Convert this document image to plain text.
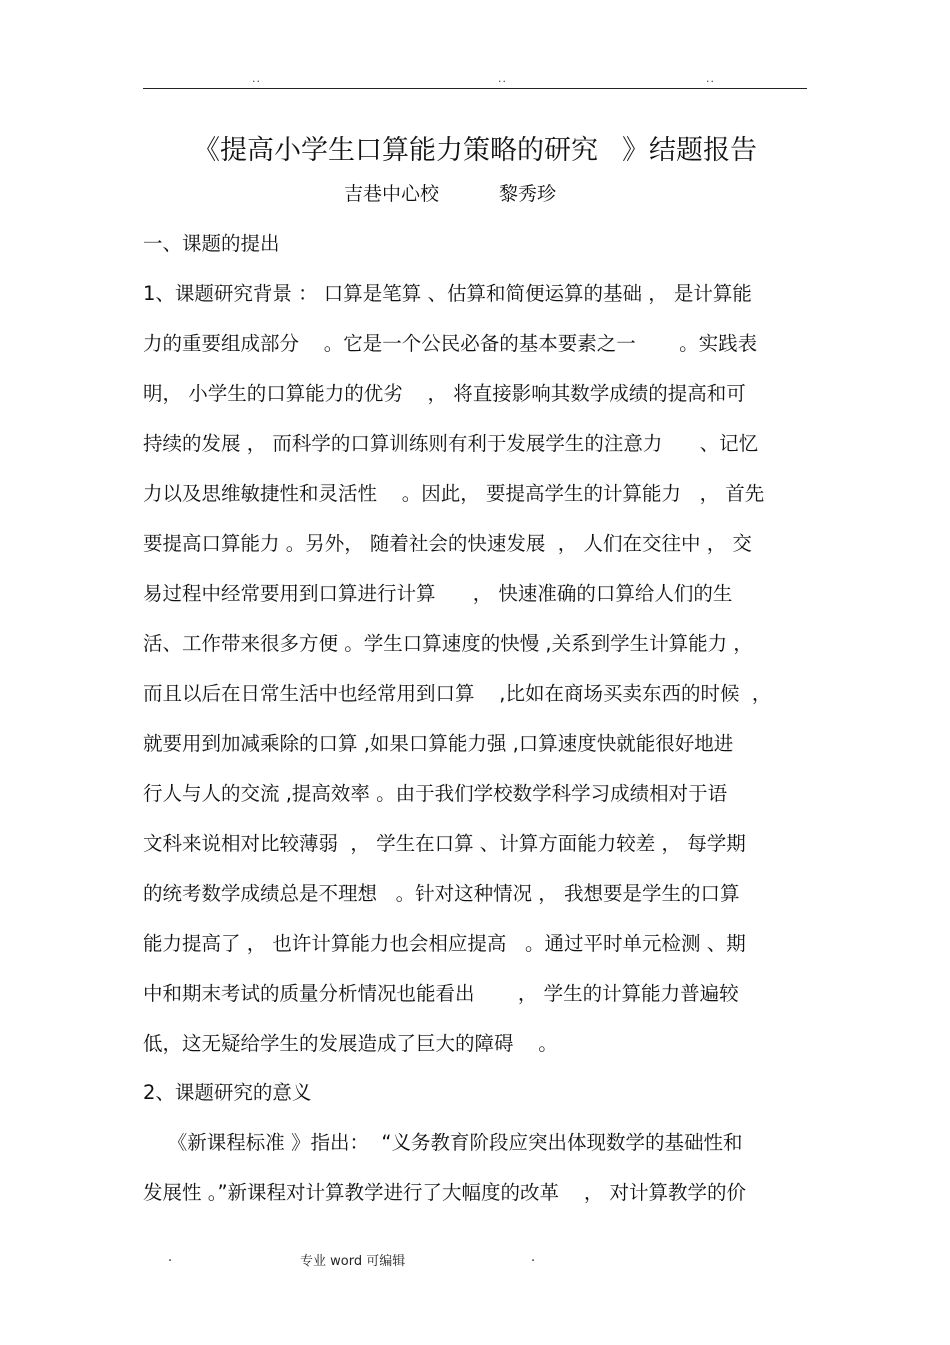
..	..	..
《提高小学生口算能力策略的研究 》结题报告
吉巷中心校	黎秀珍
一、课题的提出
1、课题研究背景 ： 口算是笔算 、估算和简便运算的基础 ， 是计算能
力的重要组成部分    。它是一个公民必备的基本要素之一       。实践表
明， 小学生的口算能力的优劣    ， 将直接影响其数学成绩的提高和可
持续的发展 ， 而科学的口算训练则有利于发展学生的注意力      、记忆
力以及思维敏捷性和灵活性    。因此， 要提高学生的计算能力   ， 首先
要提高口算能力 。另外， 随着社会的快速发展  ， 人们在交往中 ， 交
易过程中经常要用到口算进行计算      ， 快速准确的口算给人们的生
活、工作带来很多方便 。学生口算速度的快慢 ,关系到学生计算能力 ，
而且以后在日常生活中也经常用到口算    ,比如在商场买卖东西的时候  ，
就要用到加减乘除的口算 ,如果口算能力强 ,口算速度快就能很好地进
行人与人的交流 ,提高效率 。由于我们学校数学科学习成绩相对于语
文科来说相对比较薄弱  ， 学生在口算 、计算方面能力较差 ， 每学期
的统考数学成绩总是不理想   。针对这种情况 ， 我想要是学生的口算
能力提高了 ， 也许计算能力也会相应提高   。通过平时单元检测 、期
中和期末考试的质量分析情况也能看出       ， 学生的计算能力普遍较
低，这无疑给学生的发展造成了巨大的障碍    。
2、课题研究的意义
《新课程标准 》指出：  “义务教育阶段应突出体现数学的基础性和
发展性 。”新课程对计算教学进行了大幅度的改革    ， 对计算教学的价
.	专业 word 可编辑	.
